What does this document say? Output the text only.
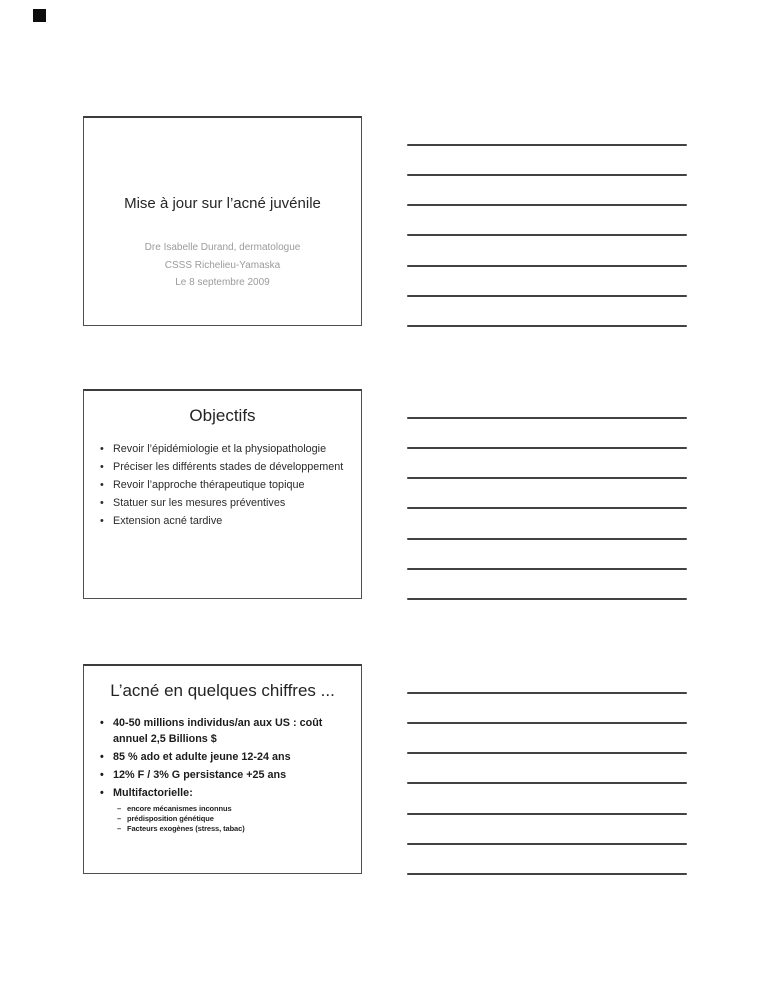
Mise à jour sur l’acné juvénile
Dre Isabelle Durand, dermatologue
CSSS Richelieu-Yamaska
Le 8 septembre 2009
Objectifs
• Revoir l’épidémiologie et la physiopathologie
• Préciser les différents stades de développement
• Revoir l’approche thérapeutique topique
• Statuer sur les mesures préventives
• Extension acné tardive
L’acné en quelques chiffres ...
• 40-50 millions individus/an aux US : coût annuel 2,5 Billions $
• 85 % ado et adulte jeune 12-24 ans
• 12% F / 3% G persistance +25 ans
• Multifactorielle:
– encore mécanismes inconnus
– prédisposition génétique
– Facteurs exogènes (stress, tabac)
